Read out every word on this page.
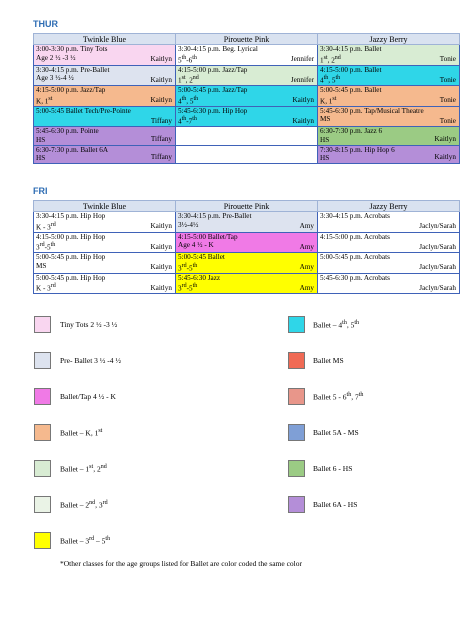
THUR
Twinkle Blue	Pirouette Pink	Jazzy Berry

3:00-3:30 p.m. Tiny Tots
Age 2 ½ -3 ½ Kaitlyn	3:30-4:15 p.m. Beg. Lyrical
5th-6th Jennifer	3:30-4:15 p.m. Ballet
1st, 2nd Tonie

3:30-4:15 p.m. Pre-Ballet
Age 3 ½-4 ½ Kaitlyn	4:15-5:00 p.m. Jazz/Tap
1st, 2nd Jennifer	4:15-5:00 p.m. Ballet
4th, 5th Tonie

4:15-5:00 p.m. Jazz/Tap
K, 1st Kaitlyn	5:00-5:45 p.m. Jazz/Tap
4th, 5th Kaitlyn	5:00-5:45 p.m. Ballet
K, 1st Tonie

5:00-5:45 Ballet Tech/Pre-Pointe
Tiffany	5:45-6:30 p.m. Hip Hop
4th-7th Kaitlyn	5:45-6:30 p.m. Tap/Musical Theatre
MS Tonie

5:45-6:30 p.m. Pointe
HS Tiffany		6:30-7:30 p.m. Jazz 6
HS Kaitlyn

6:30-7:30 p.m. Ballet 6A
HS Tiffany		7:30-8:15 p.m. Hip Hop 6
HS Kaitlyn
FRI
Twinkle Blue	Pirouette Pink	Jazzy Berry

3:30-4:15 p.m. Hip Hop
K - 3rd Kaitlyn	3:30-4:15 p.m. Pre-Ballet
3½-4½ Amy	3:30-4:15 p.m. Acrobats
Jaclyn/Sarah

4:15-5:00 p.m. Hip Hop
3rd-5th Kaitlyn	4:15-5:00 Ballet/Tap
Age 4 ½ - K Amy	4:15-5:00 p.m. Acrobats
Jaclyn/Sarah

5:00-5:45 p.m. Hip Hop
MS Kaitlyn	5:00-5:45 Ballet
3rd-5th Amy	5:00-5:45 p.m. Acrobats
Jaclyn/Sarah

5:00-5:45 p.m. Hip Hop
K - 3rd Kaitlyn	5:45-6:30 Jazz
3rd-5th Amy	5:45-6:30 p.m. Acrobats
Jaclyn/Sarah
Tiny Tots 2 ½ -3 ½
Pre- Ballet 3 ½ -4 ½
Ballet/Tap 4 ½ - K
Ballet – K, 1st
Ballet – 1st, 2nd
Ballet – 2nd, 3rd
Ballet – 3rd – 5th
Ballet – 4th, 5th
Ballet MS
Ballet 5 - 6th, 7th
Ballet 5A - MS
Ballet 6 - HS
Ballet 6A - HS
*Other classes for the age groups listed for Ballet are color coded the same color
